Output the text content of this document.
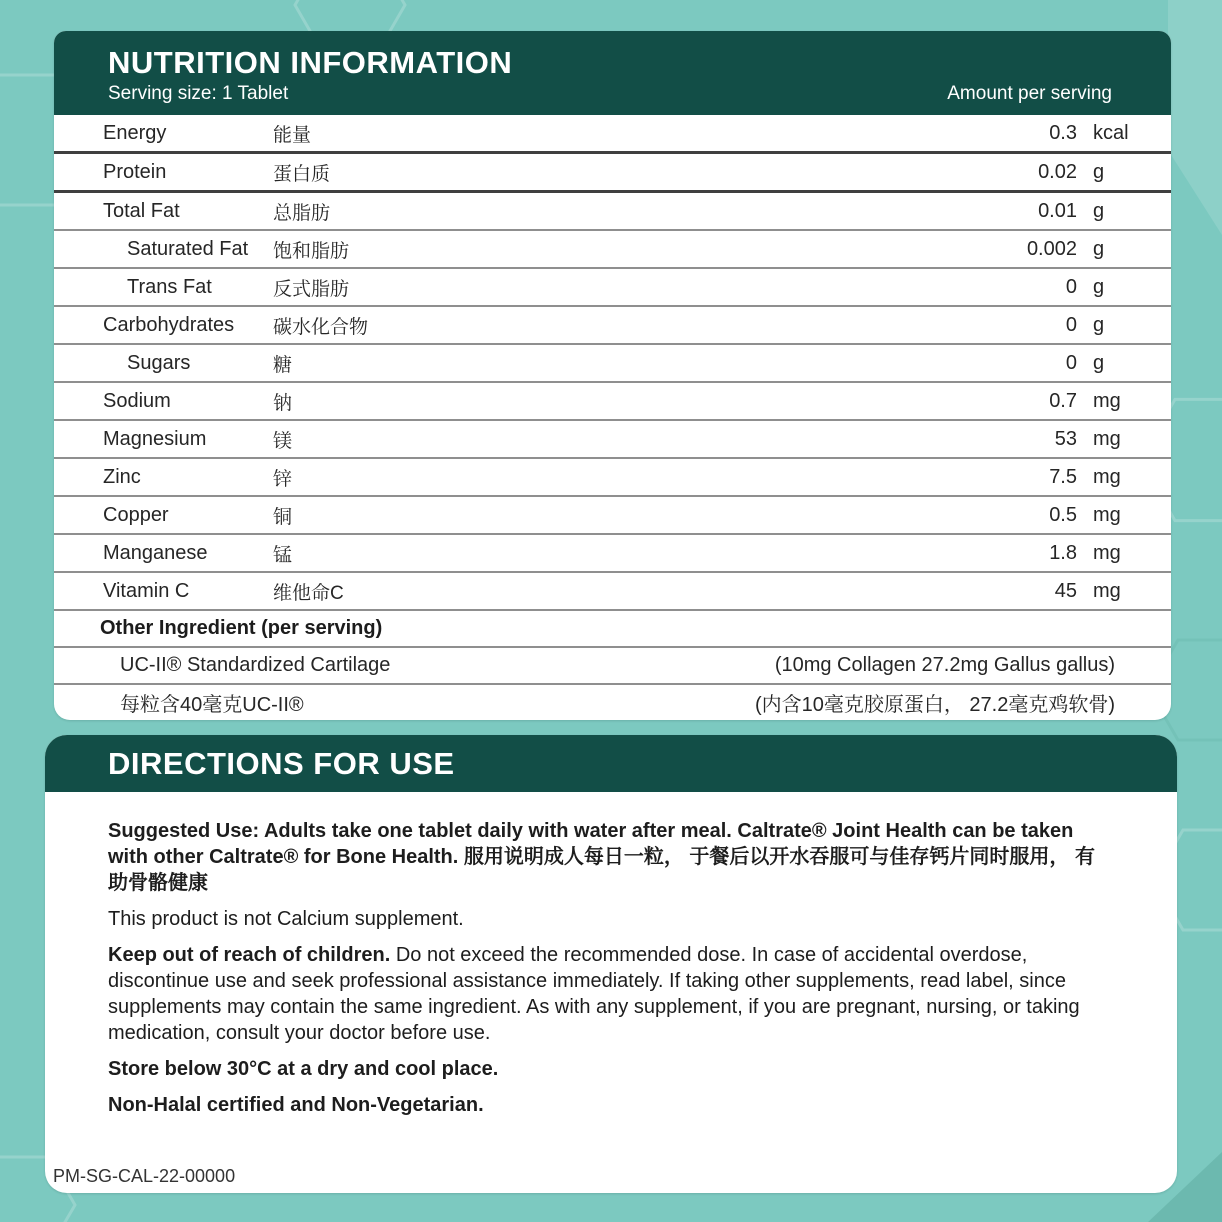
NUTRITION INFORMATION
Serving size: 1 Tablet	Amount per serving
Energy	能量	0.3 kcal
Protein	蛋白质	0.02 g
Total Fat	总脂肪	0.01 g
Saturated Fat	饱和脂肪	0.002 g
Trans Fat	反式脂肪	0 g
Carbohydrates	碳水化合物	0 g
Sugars	糖	0 g
Sodium	钠	0.7 mg
Magnesium	镁	53 mg
Zinc	锌	7.5 mg
Copper	铜	0.5 mg
Manganese	锰	1.8 mg
Vitamin C	维他命C	45 mg
Other Ingredient (per serving)
UC-II® Standardized Cartilage	(10mg Collagen 27.2mg Gallus gallus)
每粒含40毫克UC-II®	(内含10毫克胶原蛋白， 27.2毫克鸡软骨)
DIRECTIONS FOR USE

Suggested Use: Adults take one tablet daily with water after meal. Caltrate® Joint Health can be taken with other Caltrate® for Bone Health. 服用说明成人每日一粒， 于餐后以开水吞服可与佳存钙片同时服用， 有助骨骼健康

This product is not Calcium supplement.

Keep out of reach of children. Do not exceed the recommended dose. In case of accidental overdose, discontinue use and seek professional assistance immediately. If taking other supplements, read label, since supplements may contain the same ingredient. As with any supplement, if you are pregnant, nursing, or taking medication, consult your doctor before use.

Store below 30°C at a dry and cool place.

Non-Halal certified and Non-Vegetarian.

PM-SG-CAL-22-00000
